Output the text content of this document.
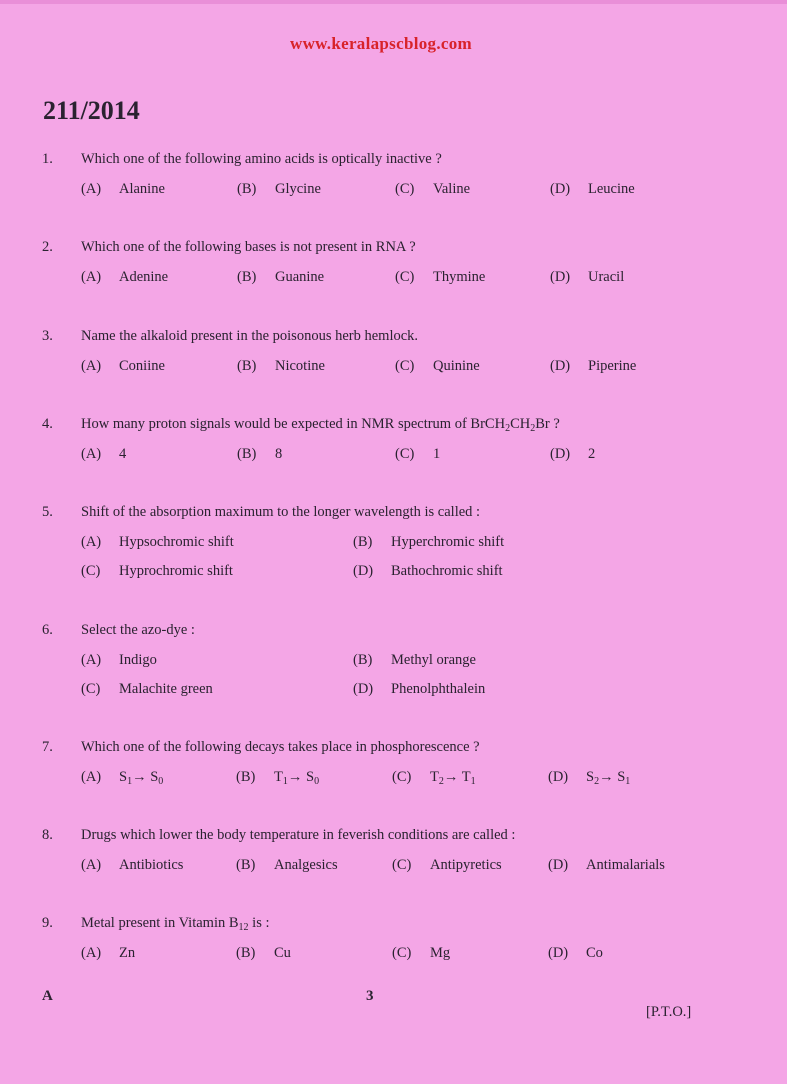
www.keralapscblog.com
211/2014
1. Which one of the following amino acids is optically inactive ?
(A) Alanine	(B) Glycine	(C) Valine	(D) Leucine
2. Which one of the following bases is not present in RNA ?
(A) Adenine	(B) Guanine	(C) Thymine	(D) Uracil
3. Name the alkaloid present in the poisonous herb hemlock.
(A) Coniine	(B) Nicotine	(C) Quinine	(D) Piperine
4. How many proton signals would be expected in NMR spectrum of $BrCH_2CH_2Br$ ?
(A) 4	(B) 8	(C) 1	(D) 2
5. Shift of the absorption maximum to the longer wavelength is called :
(A) Hypsochromic shift	(B) Hyperchromic shift
(C) Hyprochromic shift	(D) Bathochromic shift
6. Select the azo-dye :
(A) Indigo	(B) Methyl orange
(C) Malachite green	(D) Phenolphthalein
7. Which one of the following decays takes place in phosphorescence ?
(A) $S_1\to S_0$	(B) $T_1\to S_0$	(C) $T_2\to T_1$	(D) $S_2\to S_1$
8. Drugs which lower the body temperature in feverish conditions are called :
(A) Antibiotics	(B) Analgesics	(C) Antipyretics	(D) Antimalarials
9. Metal present in Vitamin $B_{12}$ is :
(A) Zn	(B) Cu	(C) Mg	(D) Co
A	3
[P.T.O.]
